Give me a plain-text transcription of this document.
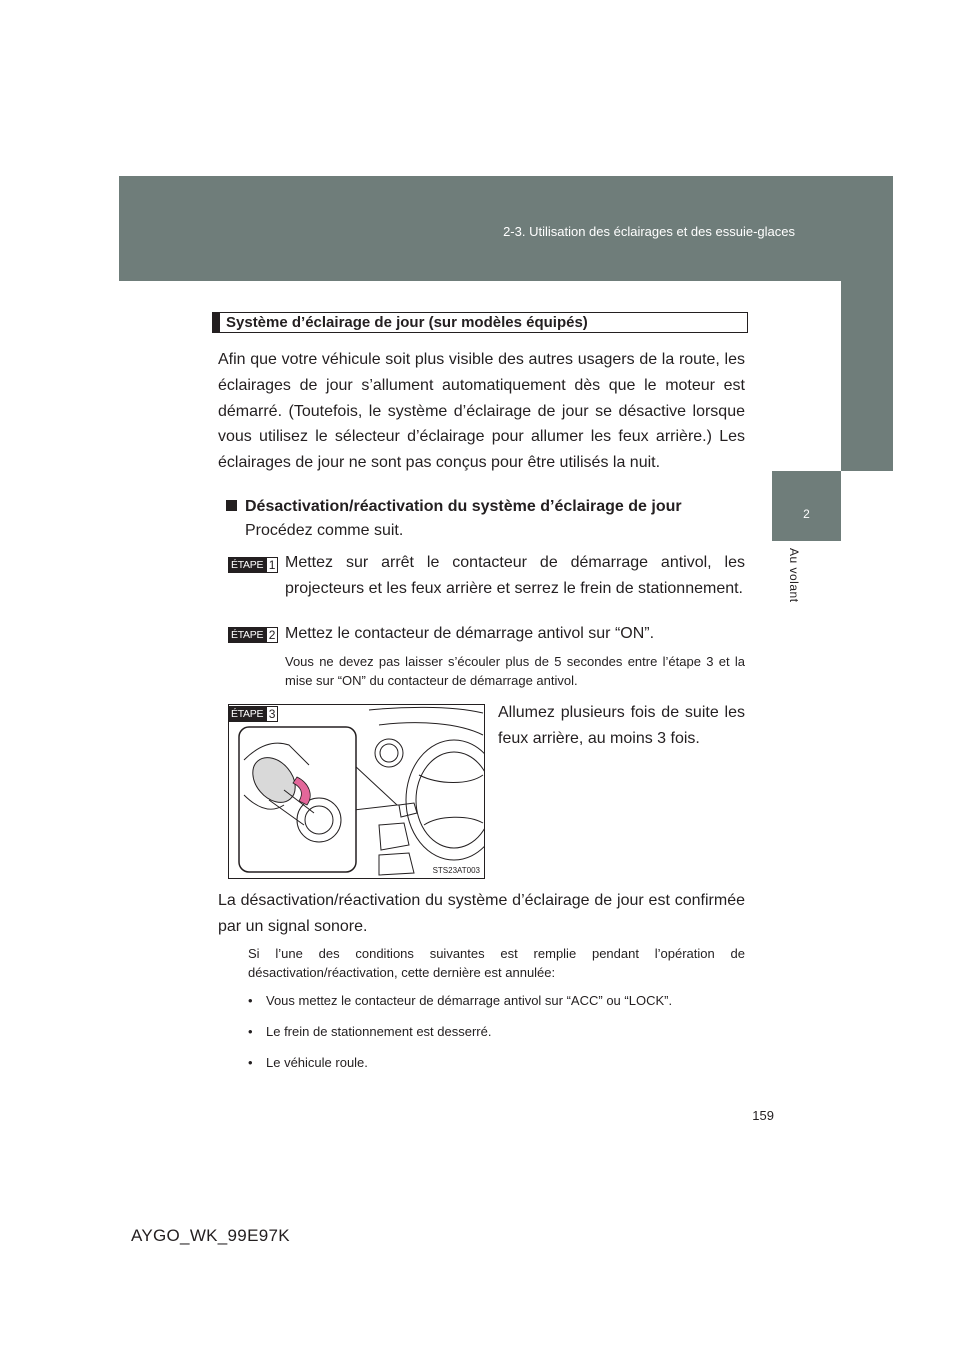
2-3. Utilisation des éclairages et des essuie-glaces
2
Au volant
Système d’éclairage de jour (sur modèles équipés)
Afin que votre véhicule soit plus visible des autres usagers de la route, les éclairages de jour s’allument automatiquement dès que le moteur est démarré. (Toutefois, le système d’éclairage de jour se désactive lorsque vous utilisez le sélecteur d’éclairage pour allumer les feux arrière.) Les éclairages de jour ne sont pas conçus pour être utilisés la nuit.
Désactivation/réactivation du système d’éclairage de jour
Procédez comme suit.
ÉTAPE 1 Mettez sur arrêt le contacteur de démarrage antivol, les projecteurs et les feux arrière et serrez le frein de stationnement.
ÉTAPE 2 Mettez le contacteur de démarrage antivol sur “ON”.
Vous ne devez pas laisser s’écouler plus de 5 secondes entre l’étape 3 et la mise sur “ON” du contacteur de démarrage antivol.
ÉTAPE 3	Allumez plusieurs fois de suite les feux arrière, au moins 3 fois.
STS23AT003
La désactivation/réactivation du système d’éclairage de jour est confirmée par un signal sonore.
Si l’une des conditions suivantes est remplie pendant l’opération de désactivation/réactivation, cette dernière est annulée:
• Vous mettez le contacteur de démarrage antivol sur “ACC” ou “LOCK”.
• Le frein de stationnement est desserré.
• Le véhicule roule.
159
AYGO_WK_99E97K
